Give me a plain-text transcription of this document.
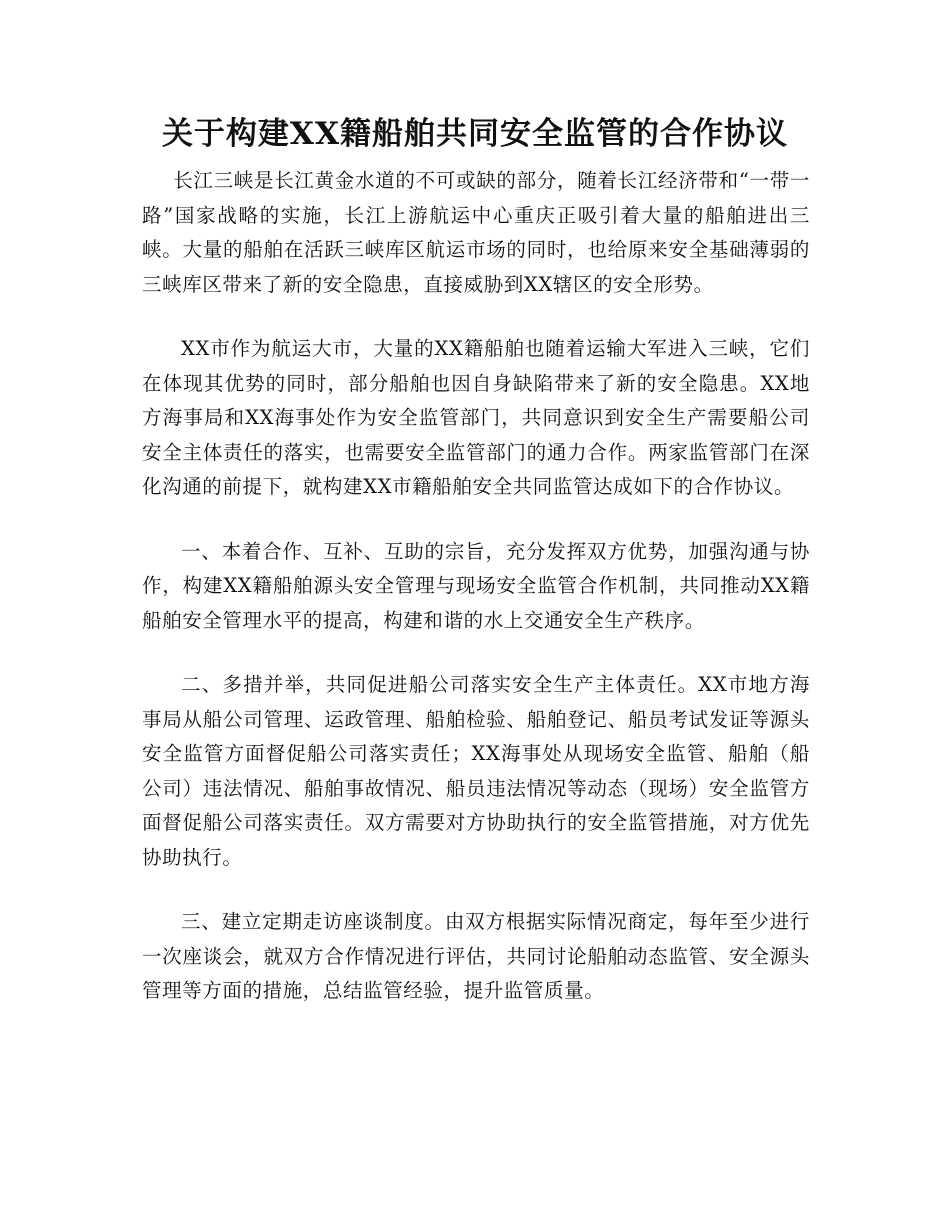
关于构建XX籍船舶共同安全监管的合作协议

长江三峡是长江黄金水道的不可或缺的部分，随着长江经济带和“一带一路”国家战略的实施，长江上游航运中心重庆正吸引着大量的船舶进出三峡。大量的船舶在活跃三峡库区航运市场的同时，也给原来安全基础薄弱的三峡库区带来了新的安全隐患，直接威胁到XX辖区的安全形势。

XX市作为航运大市，大量的XX籍船舶也随着运输大军进入三峡，它们在体现其优势的同时，部分船舶也因自身缺陷带来了新的安全隐患。XX地方海事局和XX海事处作为安全监管部门，共同意识到安全生产需要船公司安全主体责任的落实，也需要安全监管部门的通力合作。两家监管部门在深化沟通的前提下，就构建XX市籍船舶安全共同监管达成如下的合作协议。

一、本着合作、互补、互助的宗旨，充分发挥双方优势，加强沟通与协作，构建XX籍船舶源头安全管理与现场安全监管合作机制，共同推动XX籍船舶安全管理水平的提高，构建和谐的水上交通安全生产秩序。

二、多措并举，共同促进船公司落实安全生产主体责任。XX市地方海事局从船公司管理、运政管理、船舶检验、船舶登记、船员考试发证等源头安全监管方面督促船公司落实责任；XX海事处从现场安全监管、船舶（船公司）违法情况、船舶事故情况、船员违法情况等动态（现场）安全监管方面督促船公司落实责任。双方需要对方协助执行的安全监管措施，对方优先协助执行。

三、建立定期走访座谈制度。由双方根据实际情况商定，每年至少进行一次座谈会，就双方合作情况进行评估，共同讨论船舶动态监管、安全源头管理等方面的措施，总结监管经验，提升监管质量。
